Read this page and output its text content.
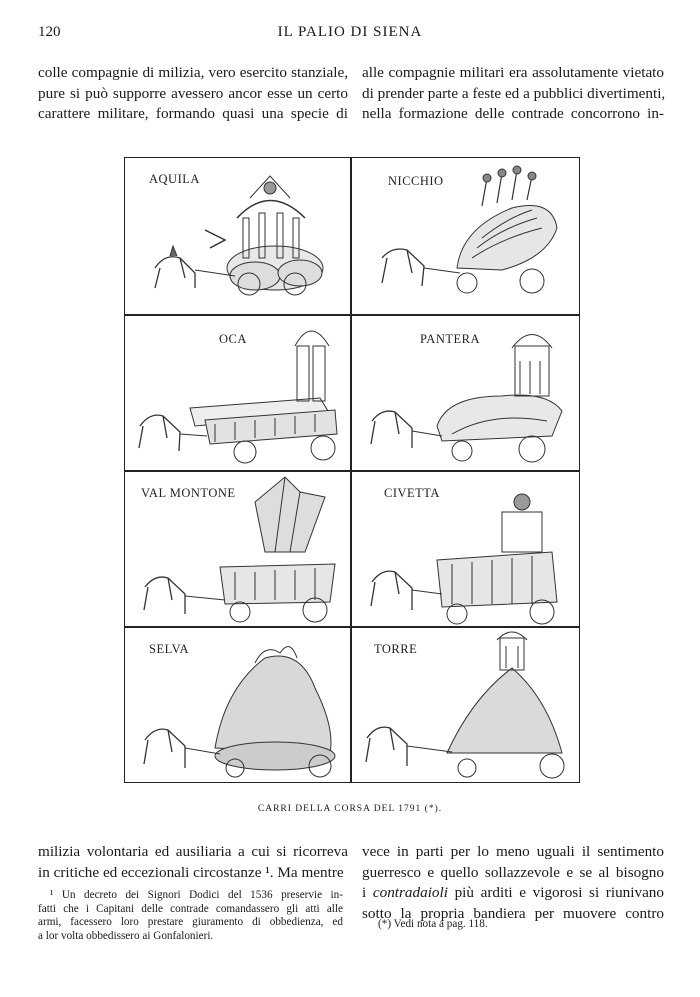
120	IL PALIO DI SIENA
colle compagnie di milizia, vero esercito stanziale,
pure si può supporre avessero ancor esse un certo
carattere militare, formando quasi una specie di
alle compagnie militari era assolutamente vietato
di prender parte a feste ed a pubblici divertimenti,
nella formazione delle contrade concorrono in-
AQUILA	NICCHIO
OCA	PANTERA
VAL MONTONE	CIVETTA
SELVA	TORRE
CARRI DELLA CORSA DEL 1791 (*).
milizia volontaria ed ausiliaria a cui si ricorreva
in critiche ed eccezionali circostanze ¹. Ma mentre
vece in parti per lo meno uguali il sentimento
guerresco e quello sollazzevole e se al bisogno
i contradaioli più arditi e vigorosi si riunivano
sotto la propria bandiera per muovere contro
¹ Un decreto dei Signori Dodici del 1536 preservie in-
fatti che i Capitani delle contrade comandassero gli atti alle
armi, facessero loro prestare giuramento di obbedienza, ed
a lor volta obbedissero ai Gonfalonieri.
(*) Vedi nota a pag. 118.
